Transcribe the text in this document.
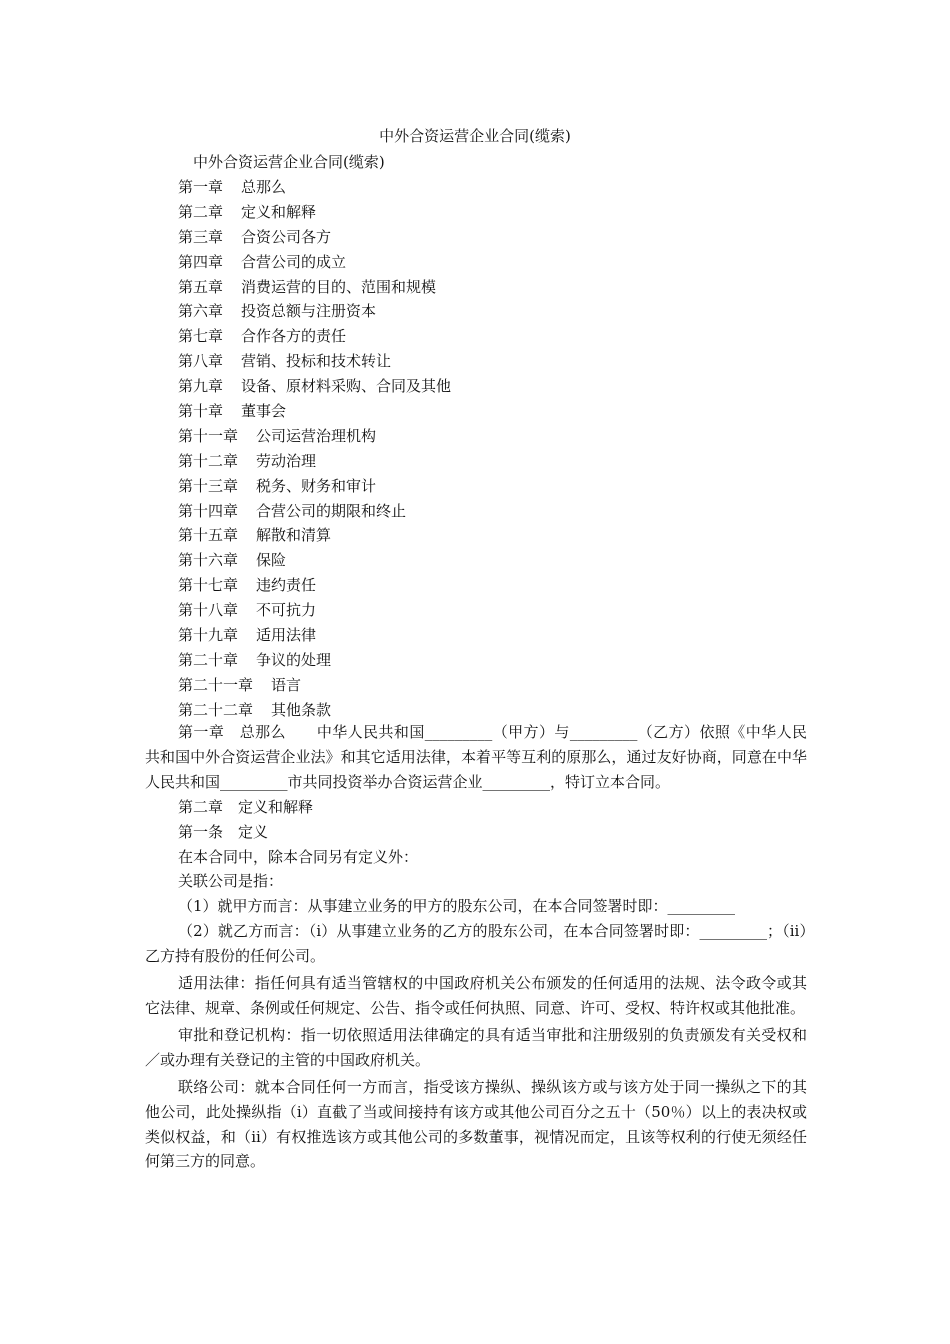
中外合资运营企业合同(缆索)
中外合资运营企业合同(缆索)
第一章 总那么
第二章 定义和解释
第三章 合资公司各方
第四章 合营公司的成立
第五章 消费运营的目的、范围和规模
第六章 投资总额与注册资本
第七章 合作各方的责任
第八章 营销、投标和技术转让
第九章 设备、原材料采购、合同及其他
第十章 董事会
第十一章 公司运营治理机构
第十二章 劳动治理
第十三章 税务、财务和审计
第十四章 合营公司的期限和终止
第十五章 解散和清算
第十六章 保险
第十七章 违约责任
第十八章 不可抗力
第十九章 适用法律
第二十章 争议的处理
第二十一章 语言
第二十二章 其他条款

第一章　总那么　　中华人民共和国_________（甲方）与_________（乙方）依照《中华人民共和国中外合资运营企业法》和其它适用法律，本着平等互利的原那么，通过友好协商，同意在中华人民共和国_________市共同投资举办合资运营企业_________，特订立本合同。

第二章　定义和解释

第一条　定义

在本合同中，除本合同另有定义外：

关联公司是指：

（1）就甲方而言：从事建立业务的甲方的股东公司，在本合同签署时即：_________

（2）就乙方而言：（i）从事建立业务的乙方的股东公司，在本合同签署时即：_________；（ii）乙方持有股份的任何公司。

适用法律：指任何具有适当管辖权的中国政府机关公布颁发的任何适用的法规、法令政令或其它法律、规章、条例或任何规定、公告、指令或任何执照、同意、许可、受权、特许权或其他批准。

审批和登记机构：指一切依照适用法律确定的具有适当审批和注册级别的负责颁发有关受权和／或办理有关登记的主管的中国政府机关。

联络公司：就本合同任何一方而言，指受该方操纵、操纵该方或与该方处于同一操纵之下的其他公司，此处操纵指（i）直截了当或间接持有该方或其他公司百分之五十（50％）以上的表决权或类似权益，和（ii）有权推选该方或其他公司的多数董事，视情况而定，且该等权利的行使无须经任何第三方的同意。
